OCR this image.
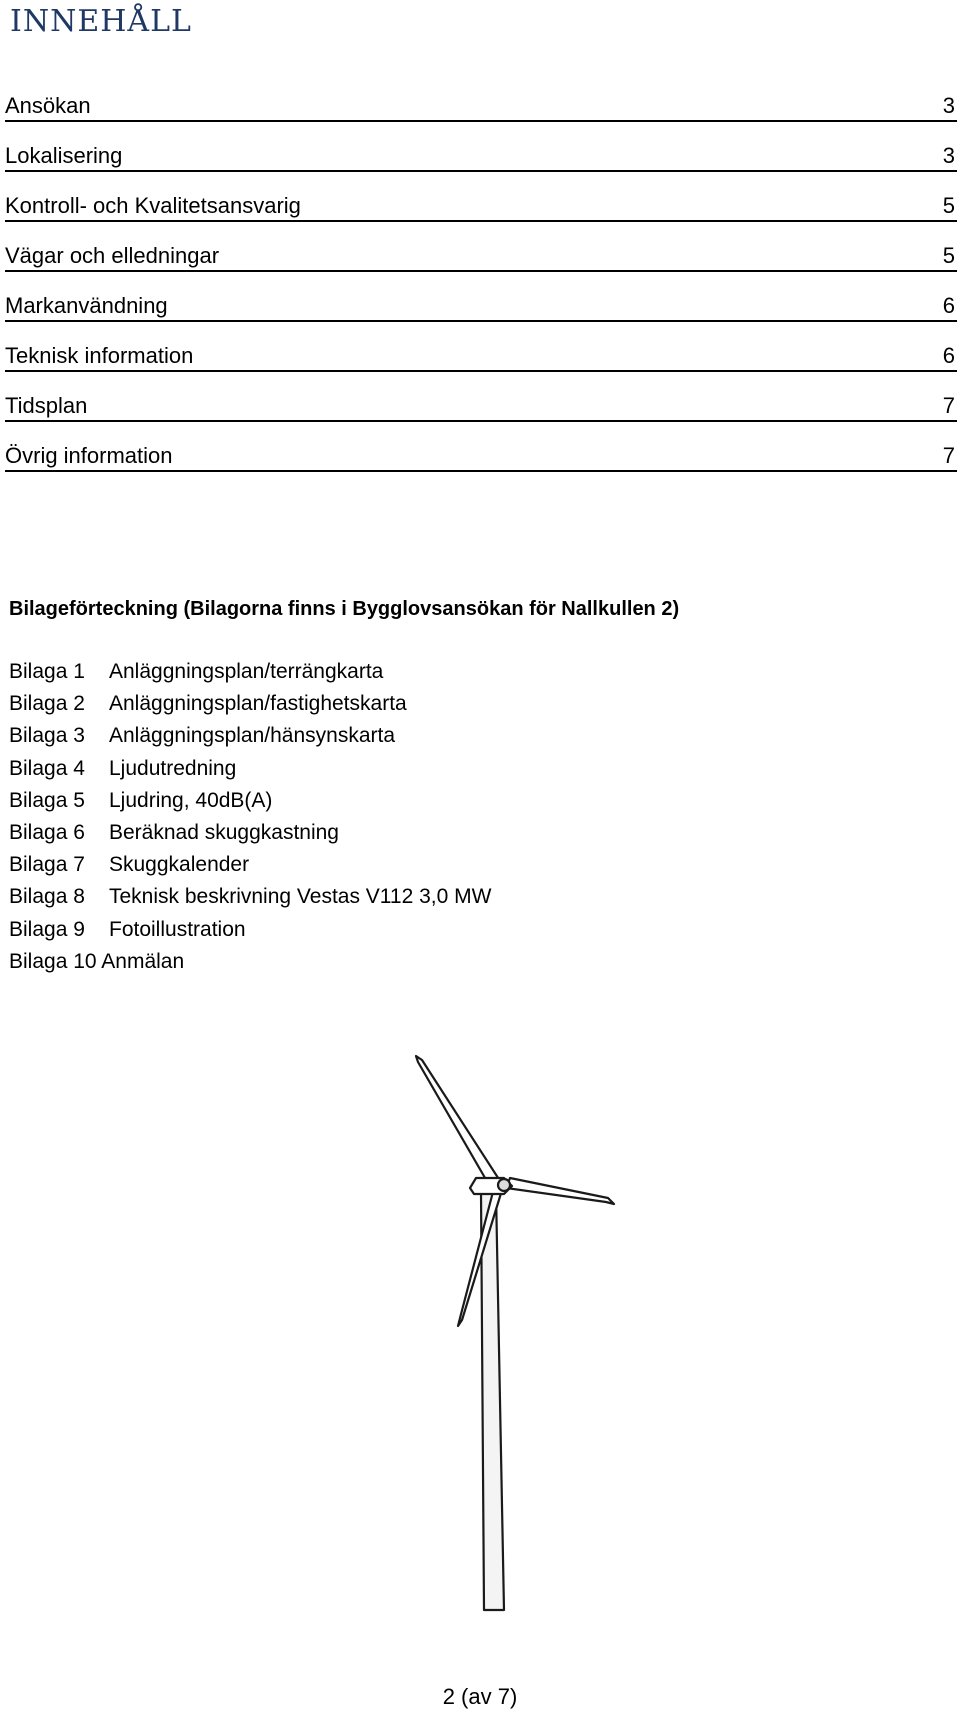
INNEHÅLL
Ansökan	3
Lokalisering	3
Kontroll- och Kvalitetsansvarig	5
Vägar och elledningar	5
Markanvändning	6
Teknisk information	6
Tidsplan	7
Övrig information	7
Bilageförteckning (Bilagorna finns i Bygglovsansökan för Nallkullen 2)
Bilaga 1 Anläggningsplan/terrängkarta
Bilaga 2 Anläggningsplan/fastighetskarta
Bilaga 3 Anläggningsplan/hänsynskarta
Bilaga 4 Ljudutredning
Bilaga 5 Ljudring, 40dB(A)
Bilaga 6 Beräknad skuggkastning
Bilaga 7 Skuggkalender
Bilaga 8 Teknisk beskrivning Vestas V112 3,0 MW
Bilaga 9 Fotoillustration
Bilaga 10 Anmälan
2 (av 7)
